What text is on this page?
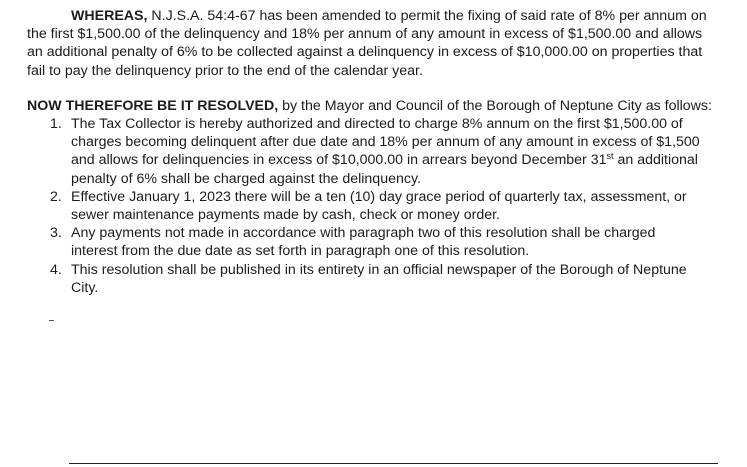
WHEREAS, N.J.S.A. 54:4-67 has been amended to permit the fixing of said rate of 8% per annum on the first $1,500.00 of the delinquency and 18% per annum of any amount in excess of $1,500.00 and allows an additional penalty of 6% to be collected against a delinquency in excess of $10,000.00 on properties that fail to pay the delinquency prior to the end of the calendar year.

NOW THEREFORE BE IT RESOLVED, by the Mayor and Council of the Borough of Neptune City as follows:

1. The Tax Collector is hereby authorized and directed to charge 8% annum on the first $1,500.00 of charges becoming delinquent after due date and 18% per annum of any amount in excess of $1,500 and allows for delinquencies in excess of $10,000.00 in arrears beyond December 31st an additional penalty of 6% shall be charged against the delinquency.
2. Effective January 1, 2023 there will be a ten (10) day grace period of quarterly tax, assessment, or sewer maintenance payments made by cash, check or money order.
3. Any payments not made in accordance with paragraph two of this resolution shall be charged interest from the due date as set forth in paragraph one of this resolution.
4. This resolution shall be published in its entirety in an official newspaper of the Borough of Neptune City.
